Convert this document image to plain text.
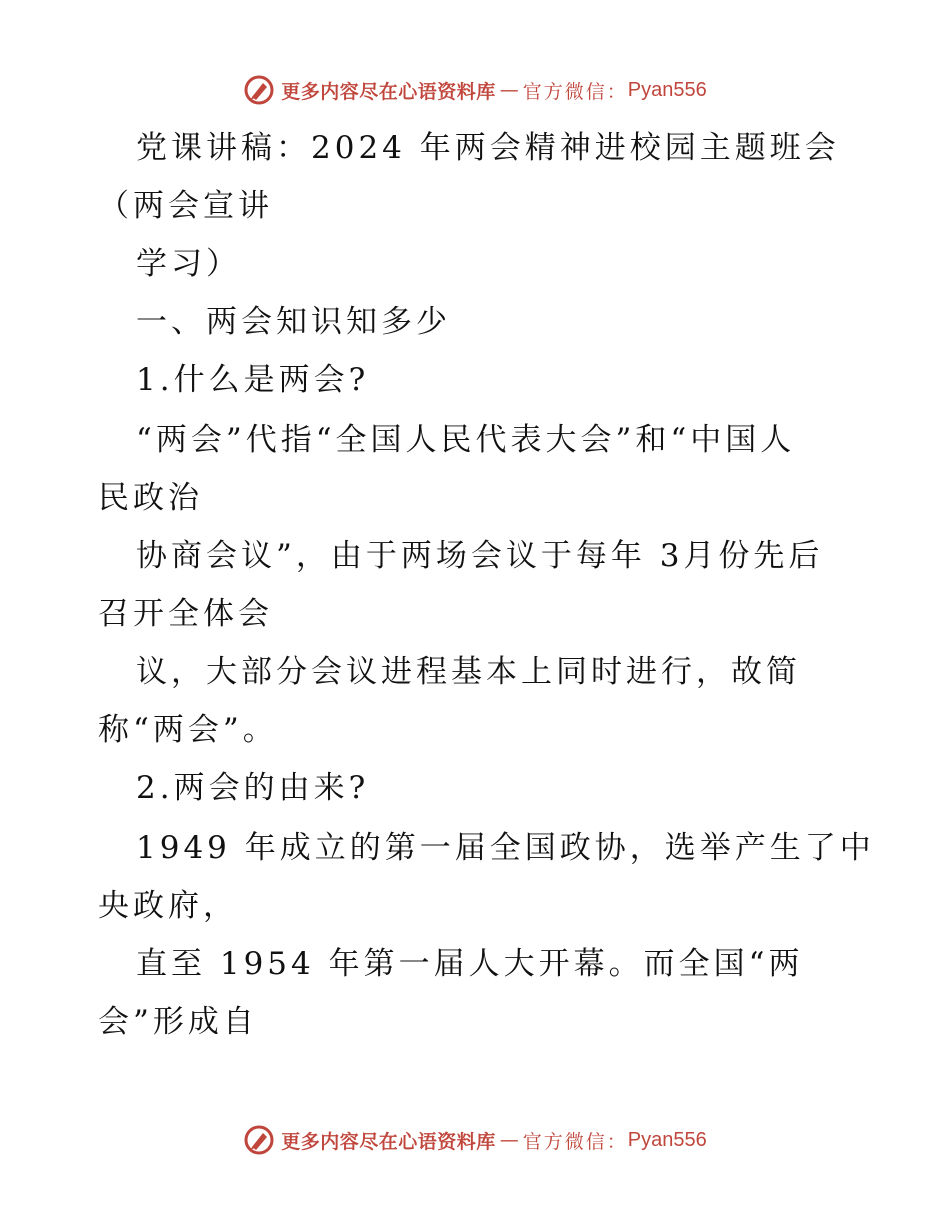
更多内容尽在心语资料库 — 官方微信： Pyan556
党课讲稿：2024 年两会精神进校园主题班会
（两会宣讲
学习）
一、两会知识知多少
1.什么是两会?
“两会”代指“全国人民代表大会”和“中国人
民政治
协商会议”，由于两场会议于每年 3月份先后
召开全体会
议，大部分会议进程基本上同时进行，故简
称“两会”。
2.两会的由来?
1949 年成立的第一届全国政协，选举产生了中
央政府，
直至 1954 年第一届人大开幕。而全国“两
会”形成自
更多内容尽在心语资料库 — 官方微信： Pyan556
